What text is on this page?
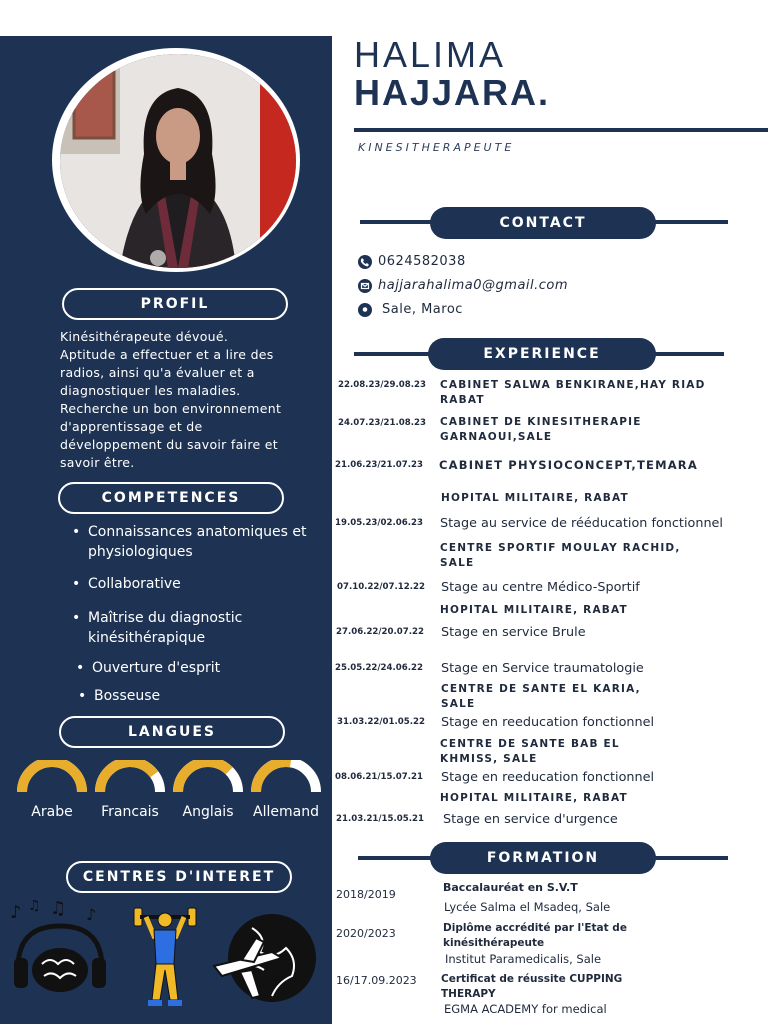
PROFIL
Kinésithérapeute dévoué.
Aptitude a effectuer et a lire des
radios, ainsi qu'a évaluer et a
diagnostiquer les maladies.
Recherche un bon environnement
d'apprentissage et de
développement du savoir faire et
savoir être.
COMPETENCES
• Connaissances anatomiques et physiologiques
• Collaborative
• Maîtrise du diagnostic kinésithérapique
• Ouverture d'esprit
• Bosseuse
LANGUES
Arabe	Francais	Anglais	Allemand
CENTRES D'INTERET
♪ ♫ ♫ ♪
HALIMA
HAJJARA.
KINESITHERAPEUTE
CONTACT
0624582038
hajjarahalima0@gmail.com
Sale, Maroc
EXPERIENCE
22.08.23/29.08.23 CABINET SALWA BENKIRANE,HAY RIAD RABAT
24.07.23/21.08.23 CABINET DE KINESITHERAPIE GARNAOUI,SALE
21.06.23/21.07.23 CABINET PHYSIOCONCEPT,TEMARA
HOPITAL MILITAIRE, RABAT
19.05.23/02.06.23 Stage au service de rééducation fonctionnel
CENTRE SPORTIF MOULAY RACHID, SALE
07.10.22/07.12.22 Stage au centre Médico-Sportif
HOPITAL MILITAIRE, RABAT
27.06.22/20.07.22 Stage en service Brule
25.05.22/24.06.22 Stage en Service traumatologie
CENTRE DE SANTE EL KARIA, SALE
31.03.22/01.05.22 Stage en reeducation fonctionnel
CENTRE DE SANTE BAB EL KHMISS, SALE
08.06.21/15.07.21 Stage en reeducation fonctionnel
HOPITAL MILITAIRE, RABAT
21.03.21/15.05.21 Stage en service d'urgence
FORMATION
2018/2019
Baccalauréat en S.V.T
Lycée Salma el Msadeq, Sale
2020/2023	Diplôme accrédité par l'Etat de kinésithérapeute
Institut Paramedicalis, Sale
16/17.09.2023 Certificat de réussite CUPPING THERAPY
EGMA ACADEMY for medical
